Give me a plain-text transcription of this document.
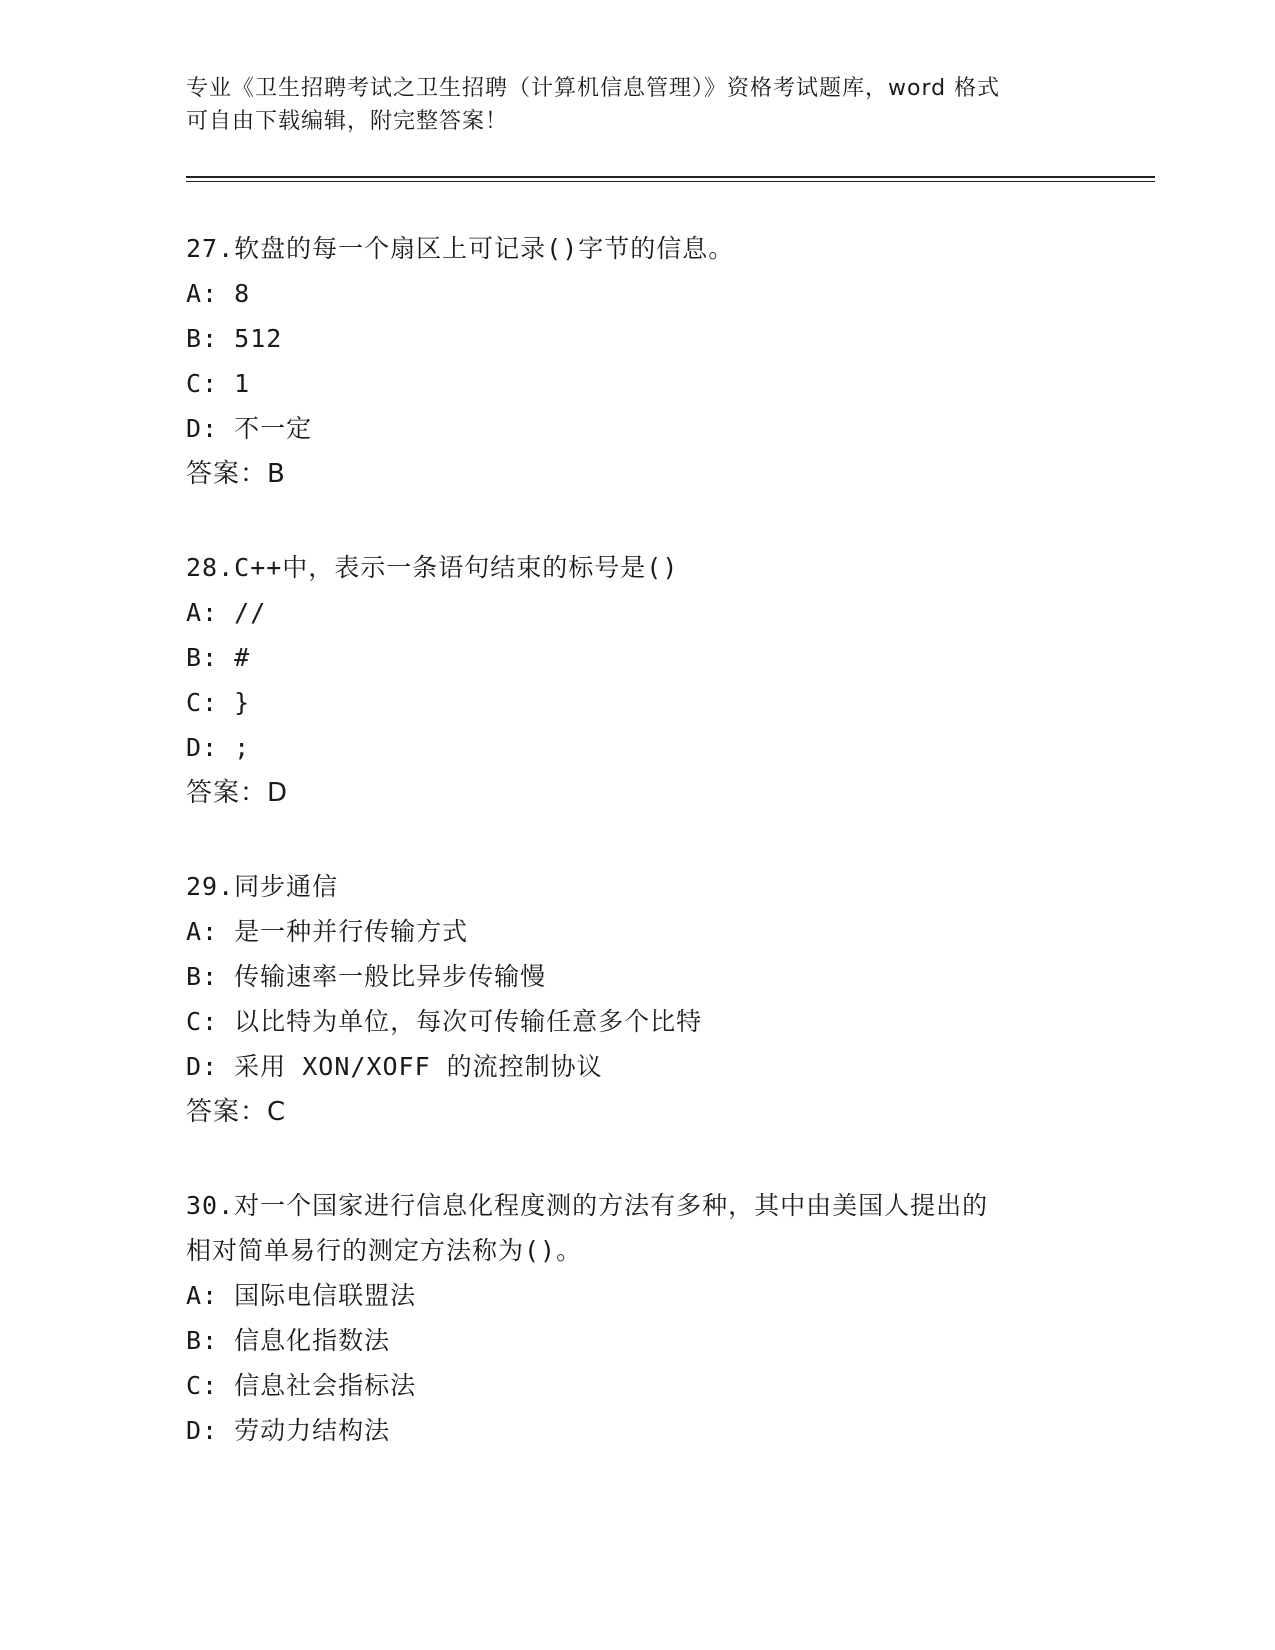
专业《卫生招聘考试之卫生招聘（计算机信息管理）》资格考试题库，word 格式
可自由下载编辑，附完整答案！
27.软盘的每一个扇区上可记录()字节的信息。
A: 8
B: 512
C: 1
D: 不一定
答案：B
28.C++中，表示一条语句结束的标号是()
A: //
B: #
C: }
D: ;
答案：D
29.同步通信
A: 是一种并行传输方式
B: 传输速率一般比异步传输慢
C: 以比特为单位，每次可传输任意多个比特
D: 采用 XON/XOFF 的流控制协议
答案：C
30.对一个国家进行信息化程度测的方法有多种，其中由美国人提出的
相对简单易行的测定方法称为()。
A: 国际电信联盟法
B: 信息化指数法
C: 信息社会指标法
D: 劳动力结构法
